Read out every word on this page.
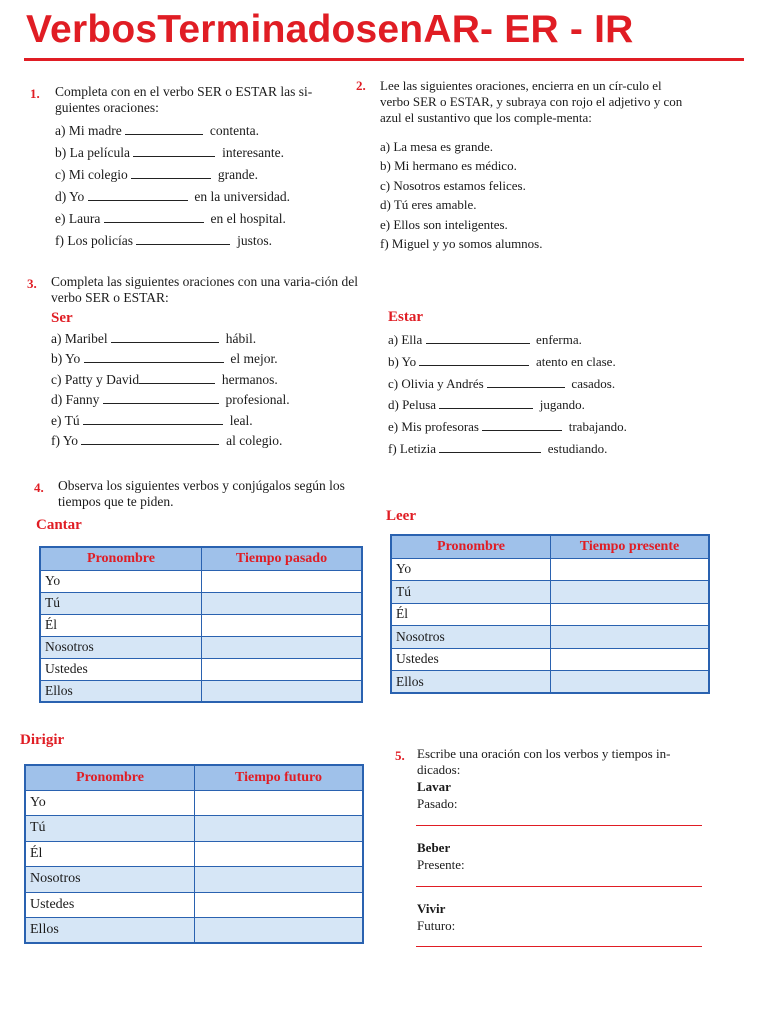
VerbosTerminadosenAR- ER - IR
1. Completa con en el verbo SER o ESTAR las si-guientes oraciones:
a) Mi madre	contenta.
b) La película	interesante.
c) Mi colegio	grande.
d) Yo	en la universidad.
e) Laura	en el hospital.
f) Los policías	justos.
2. Lee las siguientes oraciones, encierra en un cír-culo el verbo SER o ESTAR, y subraya con rojo el adjetivo y con azul el sustantivo que los comple-menta:
a) La mesa es grande.
b) Mi hermano es médico.
c) Nosotros estamos felices.
d) Tú eres amable.
e) Ellos son inteligentes.
f) Miguel y yo somos alumnos.
3. Completa las siguientes oraciones con una varia-ción del verbo SER o ESTAR:
Ser
a) Maribel	hábil.
b) Yo	el mejor.
c) Patty y David	hermanos.
d) Fanny	profesional.
e) Tú	leal.
f) Yo	al colegio.
Estar
a) Ella	enferma.
b) Yo	atento en clase.
c) Olivia y Andrés	casados.
d) Pelusa	jugando.
e) Mis profesoras	trabajando.
f) Letizia	estudiando.
4. Observa los siguientes verbos y conjúgalos según los tiempos que te piden.
Cantar
Pronombre	Tiempo pasado
Yo	
Tú	
Él	
Nosotros	
Ustedes	
Ellos	
Leer
Pronombre	Tiempo presente
Yo	
Tú	
Él	
Nosotros	
Ustedes	
Ellos	
Dirigir
Pronombre	Tiempo futuro
Yo	
Tú	
Él	
Nosotros	
Ustedes	
Ellos	
5. Escribe una oración con los verbos y tiempos in-dicados:
Lavar
Pasado:
Beber
Presente:
Vivir
Futuro:
